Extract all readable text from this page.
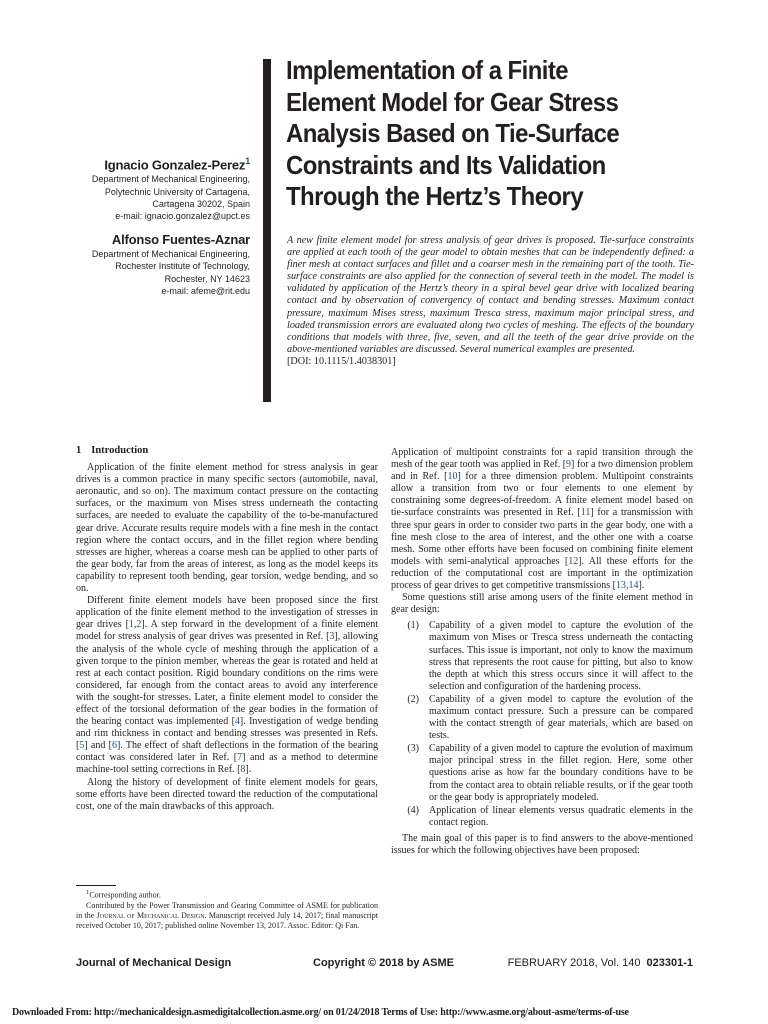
Ignacio Gonzalez-Perez$^1$
Department of Mechanical Engineering,
Polytechnic University of Cartagena,
Cartagena 30202, Spain
e-mail: ignacio.gonzalez@upct.es
Alfonso Fuentes-Aznar
Department of Mechanical Engineering,
Rochester Institute of Technology,
Rochester, NY 14623
e-mail: afeme@rit.edu
Implementation of a Finite
Element Model for Gear Stress
Analysis Based on Tie-Surface
Constraints and Its Validation
Through the Hertz’s Theory
A new finite element model for stress analysis of gear drives is proposed. Tie-surface constraints are applied at each tooth of the gear model to obtain meshes that can be independently defined: a finer mesh at contact surfaces and fillet and a coarser mesh in the remaining part of the tooth. Tie-surface constraints are also applied for the connection of several teeth in the model. The model is validated by application of the Hertz’s theory in a spiral bevel gear drive with localized bearing contact and by observation of convergency of contact and bending stresses. Maximum contact pressure, maximum Mises stress, maximum Tresca stress, maximum major principal stress, and loaded transmission errors are evaluated along two cycles of meshing. The effects of the boundary conditions that models with three, five, seven, and all the teeth of the gear drive provide on the above-mentioned variables are discussed. Several numerical examples are presented.
[DOI: 10.1115/1.4038301]
1 Introduction

Application of the finite element method for stress analysis in gear drives is a common practice in many specific sectors (automobile, naval, aeronautic, and so on). The maximum contact pressure on the contacting surfaces, or the maximum von Mises stress underneath the contacting surfaces, are needed to evaluate the capability of the to-be-manufactured gear drive. Accurate results require models with a fine mesh in the contact region where the contact occurs, and in the fillet region where bending stresses are higher, whereas a coarse mesh can be applied to other parts of the gear body, far from the areas of interest, as long as the model keeps its capability to represent tooth bending, gear torsion, wedge bending, and so on.

Different finite element models have been proposed since the first application of the finite element method to the investigation of stresses in gear drives [1,2]. A step forward in the development of a finite element model for stress analysis of gear drives was presented in Ref. [3], allowing the analysis of the whole cycle of meshing through the application of a given torque to the pinion member, whereas the gear is rotated and held at rest at each contact position. Rigid boundary conditions on the rims were considered, far enough from the contact areas to avoid any interference with the sought-for stresses. Later, a finite element model to consider the effect of the torsional deformation of the gear bodies in the formation of the bearing contact was implemented [4]. Investigation of wedge bending and rim thickness in contact and bending stresses was presented in Refs. [5] and [6]. The effect of shaft deflections in the formation of the bearing contact was considered later in Ref. [7] and as a method to determine machine-tool setting corrections in Ref. [8].

Along the history of development of finite element models for gears, some efforts have been directed toward the reduction of the computational cost, one of the main drawbacks of this approach.

Application of multipoint constraints for a rapid transition through the mesh of the gear tooth was applied in Ref. [9] for a two dimension problem and in Ref. [10] for a three dimension problem. Multipoint constraints allow a transition from two or four elements to one element by constraining some degrees-of-freedom. A finite element model based on tie-surface constraints was presented in Ref. [11] for a transmission with three spur gears in order to consider two parts in the gear body, one with a fine mesh close to the area of interest, and the other one with a coarse mesh. Some other efforts have been focused on combining finite element models with semi-analytical approaches [12]. All these efforts for the reduction of the computational cost are important in the optimization process of gear drives to get competitive transmissions [13,14].

Some questions still arise among users of the finite element method in gear design:

(1) Capability of a given model to capture the evolution of the maximum von Mises or Tresca stress underneath the contacting surfaces. This issue is important, not only to know the maximum stress that represents the root cause for pitting, but also to know the depth at which this stress occurs since it will affect to the selection and configuration of the hardening process.
(2) Capability of a given model to capture the evolution of the maximum contact pressure. Such a pressure can be compared with the contact strength of gear materials, which are based on tests.
(3) Capability of a given model to capture the evolution of maximum major principal stress in the fillet region. Here, some other questions arise as how far the boundary conditions have to be from the contact area to obtain reliable results, or if the gear tooth or the gear body is appropriately modeled.
(4) Application of linear elements versus quadratic elements in the contact region.

The main goal of this paper is to find answers to the above-mentioned issues for which the following objectives have been proposed:

$^1$Corresponding author.
Contributed by the Power Transmission and Gearing Committee of ASME for publication in the Journal of Mechanical Design. Manuscript received July 14, 2017; final manuscript received October 10, 2017; published online November 13, 2017. Assoc. Editor: Qi Fan.
Journal of Mechanical Design	Copyright © 2018 by ASME	FEBRUARY 2018, Vol. 140 023301-1
Downloaded From: http://mechanicaldesign.asmedigitalcollection.asme.org/ on 01/24/2018 Terms of Use: http://www.asme.org/about-asme/terms-of-use
